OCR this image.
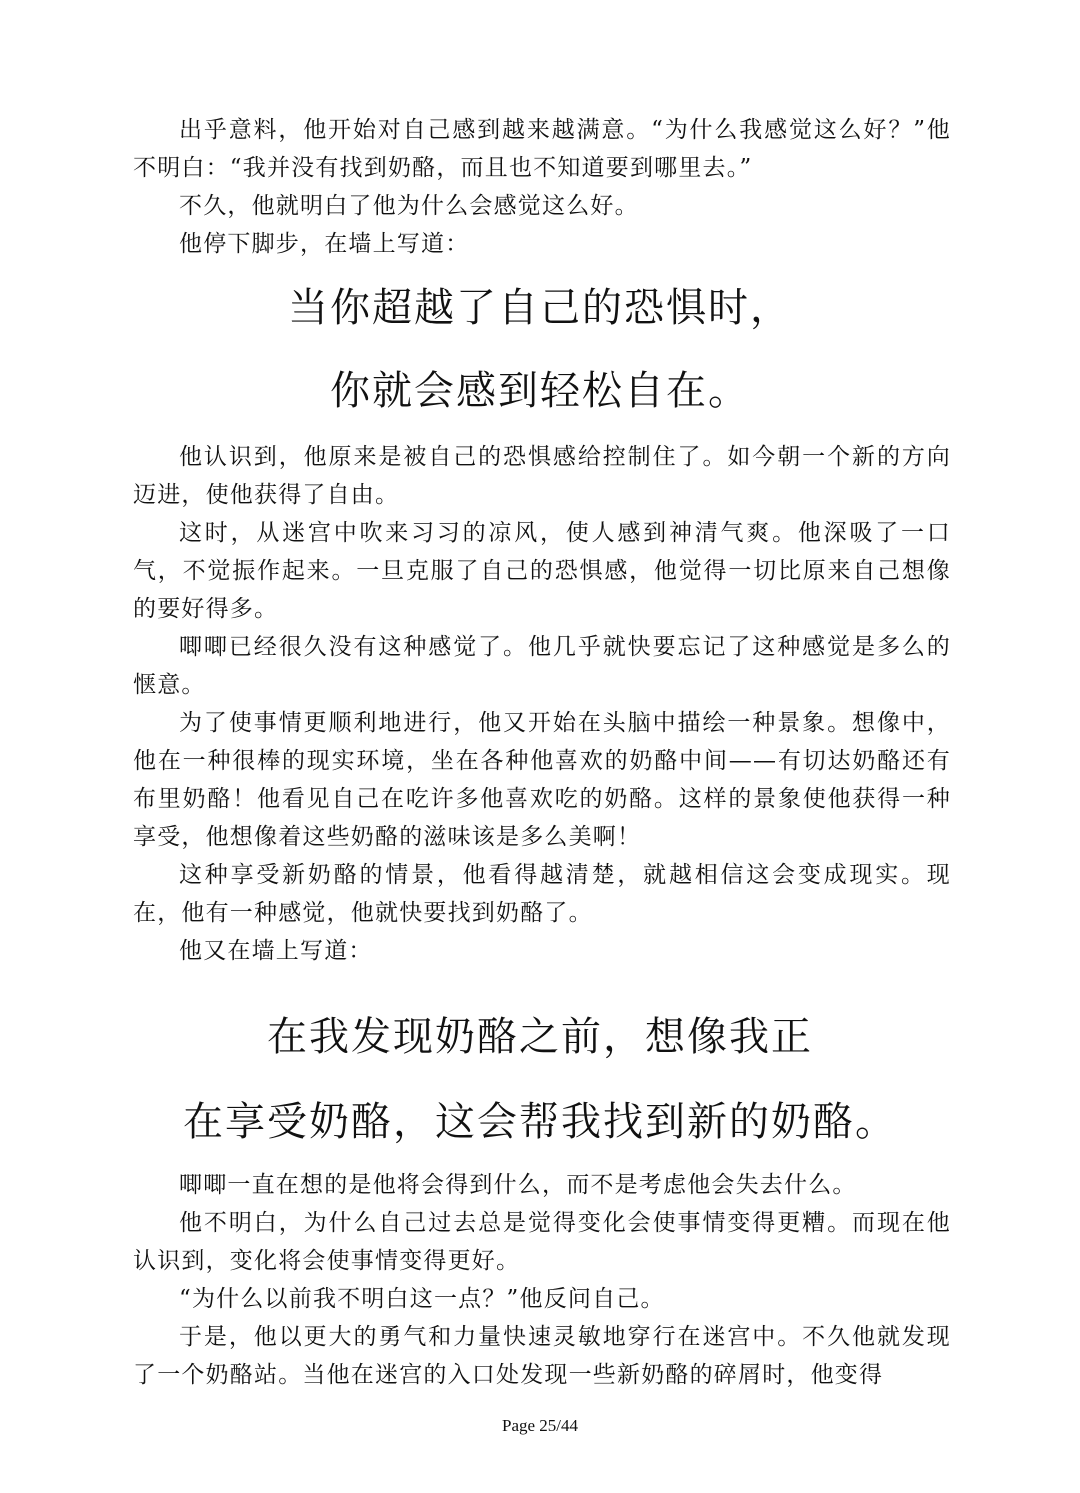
出乎意料，他开始对自己感到越来越满意。“为什么我感觉这么好？”他不明白：“我并没有找到奶酪，而且也不知道要到哪里去。”

不久，他就明白了他为什么会感觉这么好。

他停下脚步，在墙上写道：

当你超越了自己的恐惧时，
你就会感到轻松自在。

他认识到，他原来是被自己的恐惧感给控制住了。如今朝一个新的方向迈进，使他获得了自由。

这时，从迷宫中吹来习习的凉风，使人感到神清气爽。他深吸了一口气，不觉振作起来。一旦克服了自己的恐惧感，他觉得一切比原来自己想像的要好得多。

唧唧已经很久没有这种感觉了。他几乎就快要忘记了这种感觉是多么的惬意。

为了使事情更顺利地进行，他又开始在头脑中描绘一种景象。想像中，他在一种很棒的现实环境，坐在各种他喜欢的奶酪中间——有切达奶酪还有布里奶酪！他看见自己在吃许多他喜欢吃的奶酪。这样的景象使他获得一种享受，他想像着这些奶酪的滋味该是多么美啊！

这种享受新奶酪的情景，他看得越清楚，就越相信这会变成现实。现在，他有一种感觉，他就快要找到奶酪了。

他又在墙上写道：

在我发现奶酪之前，想像我正
在享受奶酪，这会帮我找到新的奶酪。

唧唧一直在想的是他将会得到什么，而不是考虑他会失去什么。

他不明白，为什么自己过去总是觉得变化会使事情变得更糟。而现在他认识到，变化将会使事情变得更好。

“为什么以前我不明白这一点？”他反问自己。

于是，他以更大的勇气和力量快速灵敏地穿行在迷宫中。不久他就发现了一个奶酪站。当他在迷宫的入口处发现一些新奶酪的碎屑时，他变得

Page 25/44
